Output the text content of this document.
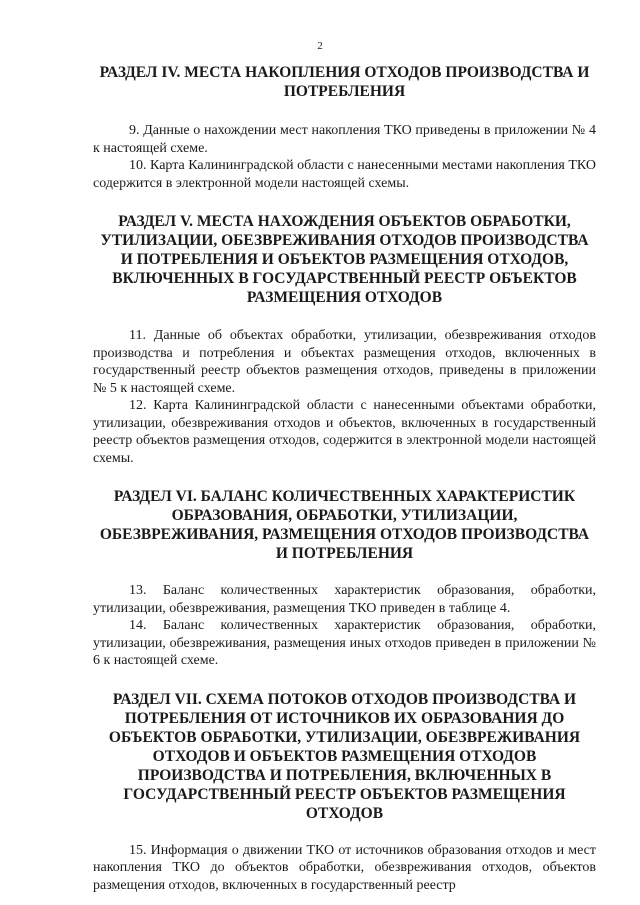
2
РАЗДЕЛ IV. МЕСТА НАКОПЛЕНИЯ ОТХОДОВ ПРОИЗВОДСТВА И ПОТРЕБЛЕНИЯ

9. Данные о нахождении мест накопления ТКО приведены в приложении № 4 к настоящей схеме.

10. Карта Калининградской области с нанесенными местами накопления ТКО содержится в электронной модели настоящей схемы.

РАЗДЕЛ V. МЕСТА НАХОЖДЕНИЯ ОБЪЕКТОВ ОБРАБОТКИ, УТИЛИЗАЦИИ, ОБЕЗВРЕЖИВАНИЯ ОТХОДОВ ПРОИЗВОДСТВА И ПОТРЕБЛЕНИЯ И ОБЪЕКТОВ РАЗМЕЩЕНИЯ ОТХОДОВ, ВКЛЮЧЕННЫХ В ГОСУДАРСТВЕННЫЙ РЕЕСТР ОБЪЕКТОВ РАЗМЕЩЕНИЯ ОТХОДОВ

11. Данные об объектах обработки, утилизации, обезвреживания отходов производства и потребления и объектах размещения отходов, включенных в государственный реестр объектов размещения отходов, приведены в приложении № 5 к настоящей схеме.

12. Карта Калининградской области с нанесенными объектами обработки, утилизации, обезвреживания отходов и объектов, включенных в государственный реестр объектов размещения отходов, содержится в электронной модели настоящей схемы.

РАЗДЕЛ VI. БАЛАНС КОЛИЧЕСТВЕННЫХ ХАРАКТЕРИСТИК ОБРАЗОВАНИЯ, ОБРАБОТКИ, УТИЛИЗАЦИИ, ОБЕЗВРЕЖИВАНИЯ, РАЗМЕЩЕНИЯ ОТХОДОВ ПРОИЗВОДСТВА И ПОТРЕБЛЕНИЯ

13. Баланс количественных характеристик образования, обработки, утилизации, обезвреживания, размещения ТКО приведен в таблице 4.

14. Баланс количественных характеристик образования, обработки, утилизации, обезвреживания, размещения иных отходов приведен в приложении № 6 к настоящей схеме.

РАЗДЕЛ VII. СХЕМА ПОТОКОВ ОТХОДОВ ПРОИЗВОДСТВА И ПОТРЕБЛЕНИЯ ОТ ИСТОЧНИКОВ ИХ ОБРАЗОВАНИЯ ДО ОБЪЕКТОВ ОБРАБОТКИ, УТИЛИЗАЦИИ, ОБЕЗВРЕЖИВАНИЯ ОТХОДОВ И ОБЪЕКТОВ РАЗМЕЩЕНИЯ ОТХОДОВ ПРОИЗВОДСТВА И ПОТРЕБЛЕНИЯ, ВКЛЮЧЕННЫХ В ГОСУДАРСТВЕННЫЙ РЕЕСТР ОБЪЕКТОВ РАЗМЕЩЕНИЯ ОТХОДОВ

15. Информация о движении ТКО от источников образования отходов и мест накопления ТКО до объектов обработки, обезвреживания отходов, объектов размещения отходов, включенных в государственный реестр
